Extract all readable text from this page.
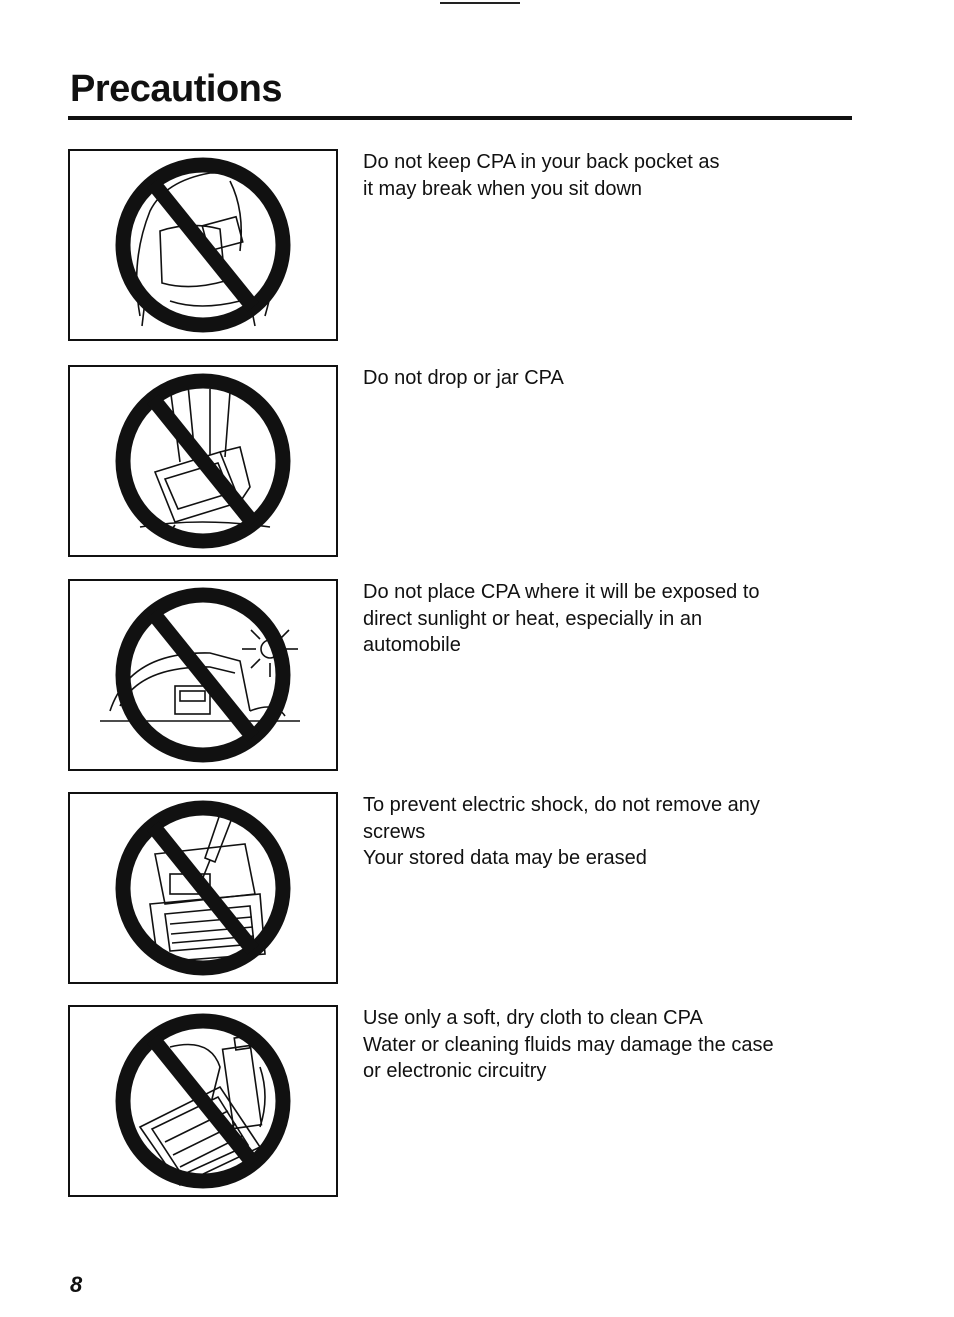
Precautions
Do not keep CPA in your back pocket as
it may break when you sit down
Do not drop or jar CPA
Do not place CPA where it will be exposed to
direct sunlight or heat, especially in an
automobile
To prevent electric shock, do not remove any
screws
Your stored data may be erased
Use only a soft, dry cloth to clean CPA
Water or cleaning fluids may damage the case
or electronic circuitry
8
